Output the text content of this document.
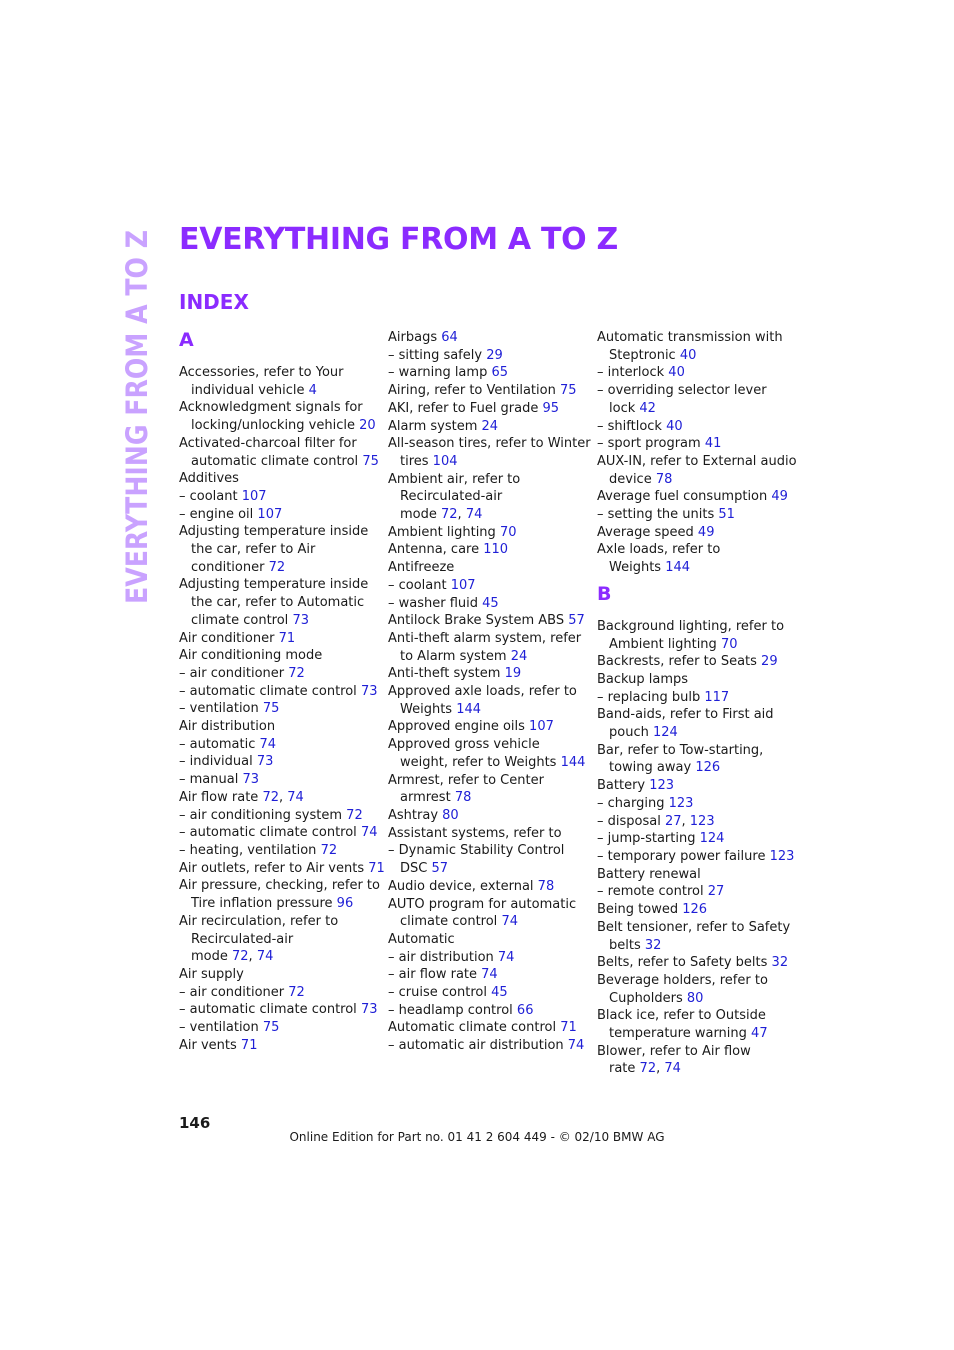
EVERYTHING FROM A TO Z EVERYTHING FROM A TO Z
INDEX
A
Accessories, refer to Your
individual vehicle 4
Acknowledgment signals for
locking/unlocking vehicle 20
Activated-charcoal filter for
automatic climate control 75
Additives
– coolant 107
– engine oil 107
Adjusting temperature inside
the car, refer to Air
conditioner 72
Adjusting temperature inside
the car, refer to Automatic
climate control 73
Air conditioner 71
Air conditioning mode
– air conditioner 72
– automatic climate control 73
– ventilation 75
Air distribution
– automatic 74
– individual 73
– manual 73
Air flow rate 72, 74
– air conditioning system 72
– automatic climate control 74
– heating, ventilation 72
Air outlets, refer to Air vents 71
Air pressure, checking, refer to
Tire inflation pressure 96
Air recirculation, refer to
Recirculated-air
mode 72, 74
Air supply
– air conditioner 72
– automatic climate control 73
– ventilation 75
Air vents 71
Airbags 64
– sitting safely 29
– warning lamp 65
Airing, refer to Ventilation 75
AKI, refer to Fuel grade 95
Alarm system 24
All-season tires, refer to Winter
tires 104
Ambient air, refer to
Recirculated-air
mode 72, 74
Ambient lighting 70
Antenna, care 110
Antifreeze
– coolant 107
– washer fluid 45
Antilock Brake System ABS 57
Anti-theft alarm system, refer
to Alarm system 24
Anti-theft system 19
Approved axle loads, refer to
Weights 144
Approved engine oils 107
Approved gross vehicle
weight, refer to Weights 144
Armrest, refer to Center
armrest 78
Ashtray 80
Assistant systems, refer to
– Dynamic Stability Control
DSC 57
Audio device, external 78
AUTO program for automatic
climate control 74
Automatic
– air distribution 74
– air flow rate 74
– cruise control 45
– headlamp control 66
Automatic climate control 71
– automatic air distribution 74
Automatic transmission with
Steptronic 40
– interlock 40
– overriding selector lever
lock 42
– shiftlock 40
– sport program 41
AUX-IN, refer to External audio
device 78
Average fuel consumption 49
– setting the units 51
Average speed 49
Axle loads, refer to
Weights 144
B
Background lighting, refer to
Ambient lighting 70
Backrests, refer to Seats 29
Backup lamps
– replacing bulb 117
Band-aids, refer to First aid
pouch 124
Bar, refer to Tow-starting,
towing away 126
Battery 123
– charging 123
– disposal 27, 123
– jump-starting 124
– temporary power failure 123
Battery renewal
– remote control 27
Being towed 126
Belt tensioner, refer to Safety
belts 32
Belts, refer to Safety belts 32
Beverage holders, refer to
Cupholders 80
Black ice, refer to Outside
temperature warning 47
Blower, refer to Air flow
rate 72, 74
146
Online Edition for Part no. 01 41 2 604 449 - © 02/10 BMW AG
